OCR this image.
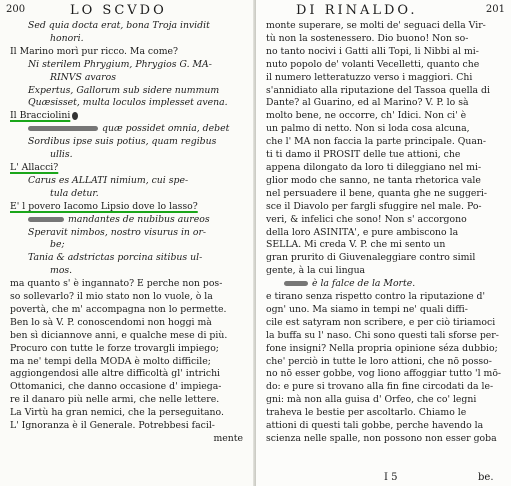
200	LO SCVDO
Sed quia docta erat, bona Troja invidit
honori.
Il Marino morì pur ricco. Ma come?
Ni sterilem Phrygium, Phrygios G. MA-
RINVS avaros
Expertus, Gallorum sub sidere nummum
Quæsisset, multa loculos implesset avena.
Il Bracciolini
quæ possidet omnia, debet
Sordibus ipse suis potius, quam regibus
ullis.
L' Allacci?
Carus es ALLATI nimium, cui spe-
tula detur.
E' l povero Iacomo Lipsio dove lo lasso?
mandantes de nubibus aureos
Speravit nimbos, nostro visurus in or-
be;
Tania & adstrictas porcina sitibus ul-
mos.
ma quanto s' è ingannato? E perche non pos-
so sollevarlo? il mio stato non lo vuole, ò la
povertà, che m' accompagna non lo permette.
Ben lo sà V. P. conoscendomi non hoggi mà
ben sì diciannove anni, e qualche mese di più.
Procuro con tutte le forze trovargli impiego;
ma ne' tempi della MODA è molto difficile;
aggiongendosi alle altre difficoltà gl' intrichi
Ottomanici, che danno occasione d' impiega-
re il danaro più nelle armi, che nelle lettere.
La Virtù ha gran nemici, che la perseguitano.
L' Ignoranza è il Generale. Potrebbesi facil-
mente
DI RINALDO.	201
monte superare, se molti de' seguaci della Vir-
tù non la sostenessero. Dio buono! Non so-
no tanto nocivi i Gatti alli Topi, li Nibbi al mi-
nuto popolo de' volanti Vecelletti, quanto che
il numero letteratuzzo verso i maggiori. Chi
s'annidiato alla riputazione del Tassoa quella di
Dante? al Guarino, ed al Marino? V. P. lo sà
molto bene, ne occorre, ch' Idici. Non ci' è
un palmo di netto. Non si loda cosa alcuna,
che l' MA non faccia la parte principale. Quan-
ti ti damo il PROSIT delle tue attioni, che
appena dilongato da loro ti dileggiano nel mi-
glior modo che sanno, ne tanta rhetorica vale
nel persuadere il bene, quanta ghe ne suggeri-
sce il Diavolo per fargli sfuggire nel male. Po-
veri, & infelici che sono! Non s' accorgono
della loro ASINITA', e pure ambiscono la
SELLA. Mi creda V. P. che mi sento un
gran prurito di Giuvenaleggiare contro simil
gente, à la cui lingua
è la falce de la Morte.
e tirano senza rispetto contro la riputazione d'
ogn' uno. Ma siamo in tempi ne' quali diffi-
cile est satyram non scribere, e per ciò tiriamoci
la buffa su l' naso. Chi sono questi tali sforse per-
fone insigni? Nella propria opinione séza dubbio;
che' perciò in tutte le loro attioni, che nō posso-
no nō esser gobbe, vog liono affoggiar tutto 'l mō-
do: e pure si trovano alla fin fine circodati da le-
gni: mà non alla guisa d' Orfeo, che co' legni
traheva le bestie per ascoltarlo. Chiamo le
attioni di questi tali gobbe, perche havendo la
scienza nelle spalle, non possono non esser goba
I 5	be.
